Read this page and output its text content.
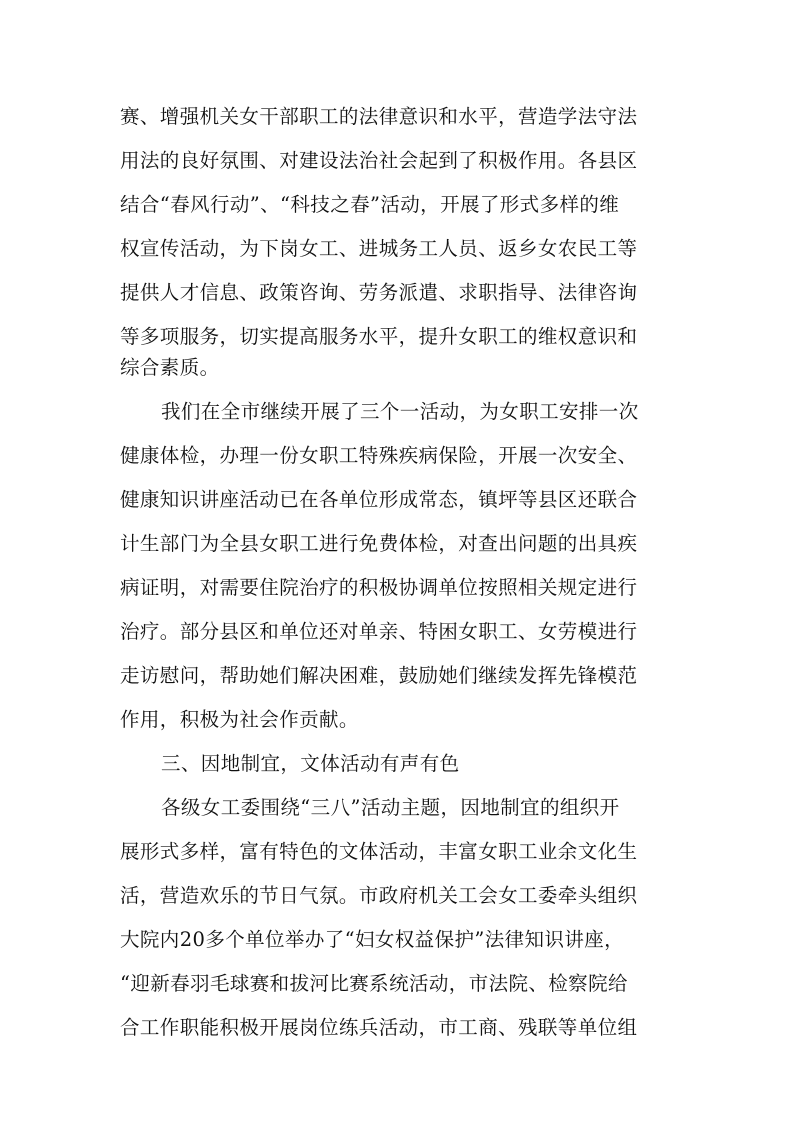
赛、增强机关女干部职工的法律意识和水平，营造学法守法
用法的良好氛围、对建设法治社会起到了积极作用。各县区
结合“春风行动”、“科技之春”活动，开展了形式多样的维
权宣传活动，为下岗女工、进城务工人员、返乡女农民工等
提供人才信息、政策咨询、劳务派遣、求职指导、法律咨询
等多项服务，切实提高服务水平，提升女职工的维权意识和
综合素质。
我们在全市继续开展了三个一活动，为女职工安排一次
健康体检，办理一份女职工特殊疾病保险，开展一次安全、
健康知识讲座活动已在各单位形成常态，镇坪等县区还联合
计生部门为全县女职工进行免费体检，对查出问题的出具疾
病证明，对需要住院治疗的积极协调单位按照相关规定进行
治疗。部分县区和单位还对单亲、特困女职工、女劳模进行
走访慰问，帮助她们解决困难，鼓励她们继续发挥先锋模范
作用，积极为社会作贡献。
三、因地制宜，文体活动有声有色
各级女工委围绕“三八”活动主题，因地制宜的组织开
展形式多样，富有特色的文体活动，丰富女职工业余文化生
活，营造欢乐的节日气氛。市政府机关工会女工委牵头组织
大院内20多个单位举办了“妇女权益保护”法律知识讲座，
“迎新春羽毛球赛和拔河比赛系统活动，市法院、检察院给
合工作职能积极开展岗位练兵活动，市工商、残联等单位组
